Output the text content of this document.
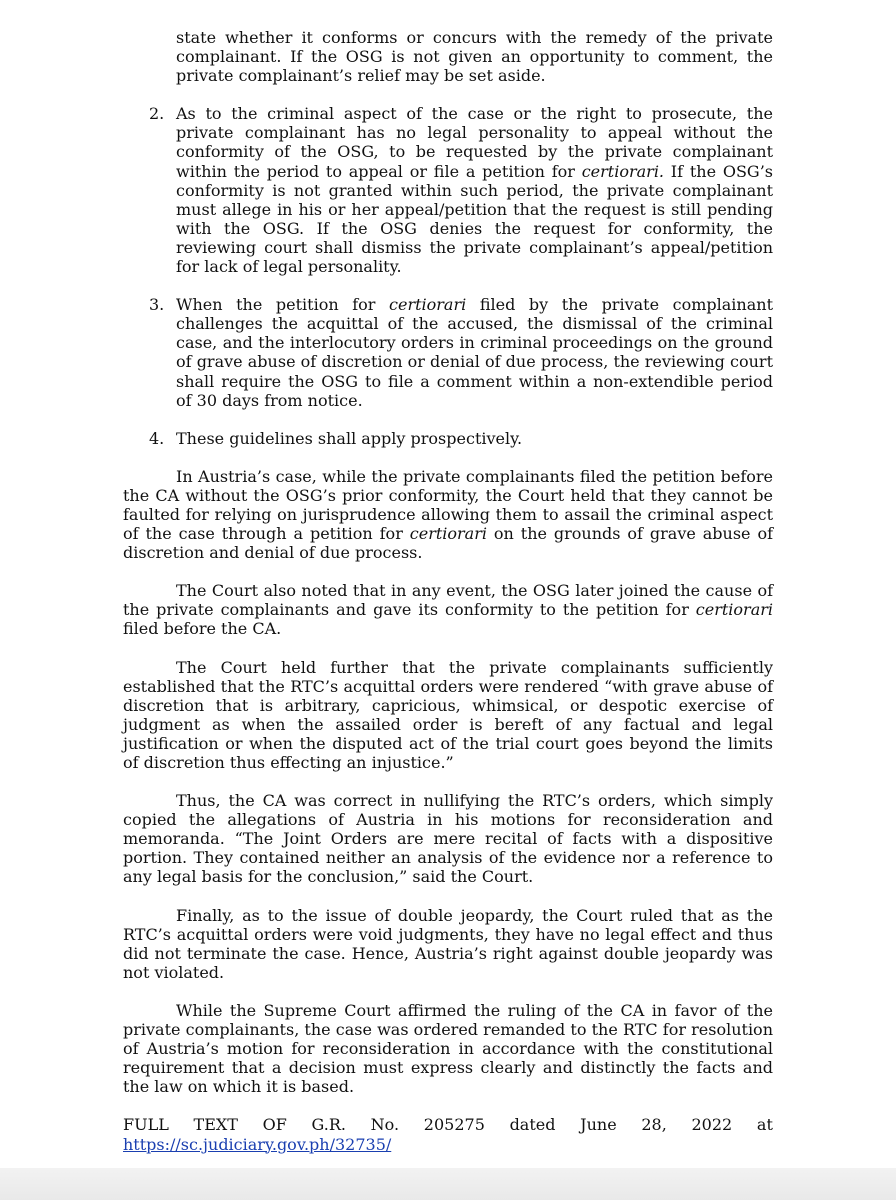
state whether it conforms or concurs with the remedy of the private complainant. If the OSG is not given an opportunity to comment, the private complainant’s relief may be set aside.

2. As to the criminal aspect of the case or the right to prosecute, the private complainant has no legal personality to appeal without the conformity of the OSG, to be requested by the private complainant within the period to appeal or file a petition for certiorari. If the OSG’s conformity is not granted within such period, the private complainant must allege in his or her appeal/petition that the request is still pending with the OSG. If the OSG denies the request for conformity, the reviewing court shall dismiss the private complainant’s appeal/petition for lack of legal personality.
3. When the petition for certiorari filed by the private complainant challenges the acquittal of the accused, the dismissal of the criminal case, and the interlocutory orders in criminal proceedings on the ground of grave abuse of discretion or denial of due process, the reviewing court shall require the OSG to file a comment within a non-extendible period of 30 days from notice.
4. These guidelines shall apply prospectively.

In Austria’s case, while the private complainants filed the petition before the CA without the OSG’s prior conformity, the Court held that they cannot be faulted for relying on jurisprudence allowing them to assail the criminal aspect of the case through a petition for certiorari on the grounds of grave abuse of discretion and denial of due process.

The Court also noted that in any event, the OSG later joined the cause of the private complainants and gave its conformity to the petition for certiorari filed before the CA.

The Court held further that the private complainants sufficiently established that the RTC’s acquittal orders were rendered “with grave abuse of discretion that is arbitrary, capricious, whimsical, or despotic exercise of judgment as when the assailed order is bereft of any factual and legal justification or when the disputed act of the trial court goes beyond the limits of discretion thus effecting an injustice.”

Thus, the CA was correct in nullifying the RTC’s orders, which simply copied the allegations of Austria in his motions for reconsideration and memoranda. “The Joint Orders are mere recital of facts with a dispositive portion. They contained neither an analysis of the evidence nor a reference to any legal basis for the conclusion,” said the Court.

Finally, as to the issue of double jeopardy, the Court ruled that as the RTC’s acquittal orders were void judgments, they have no legal effect and thus did not terminate the case. Hence, Austria’s right against double jeopardy was not violated.

While the Supreme Court affirmed the ruling of the CA in favor of the private complainants, the case was ordered remanded to the RTC for resolution of Austria’s motion for reconsideration in accordance with the constitutional requirement that a decision must express clearly and distinctly the facts and the law on which it is based.

FULL TEXT OF G.R. No. 205275 dated June 28, 2022 at
https://sc.judiciary.gov.ph/32735/
